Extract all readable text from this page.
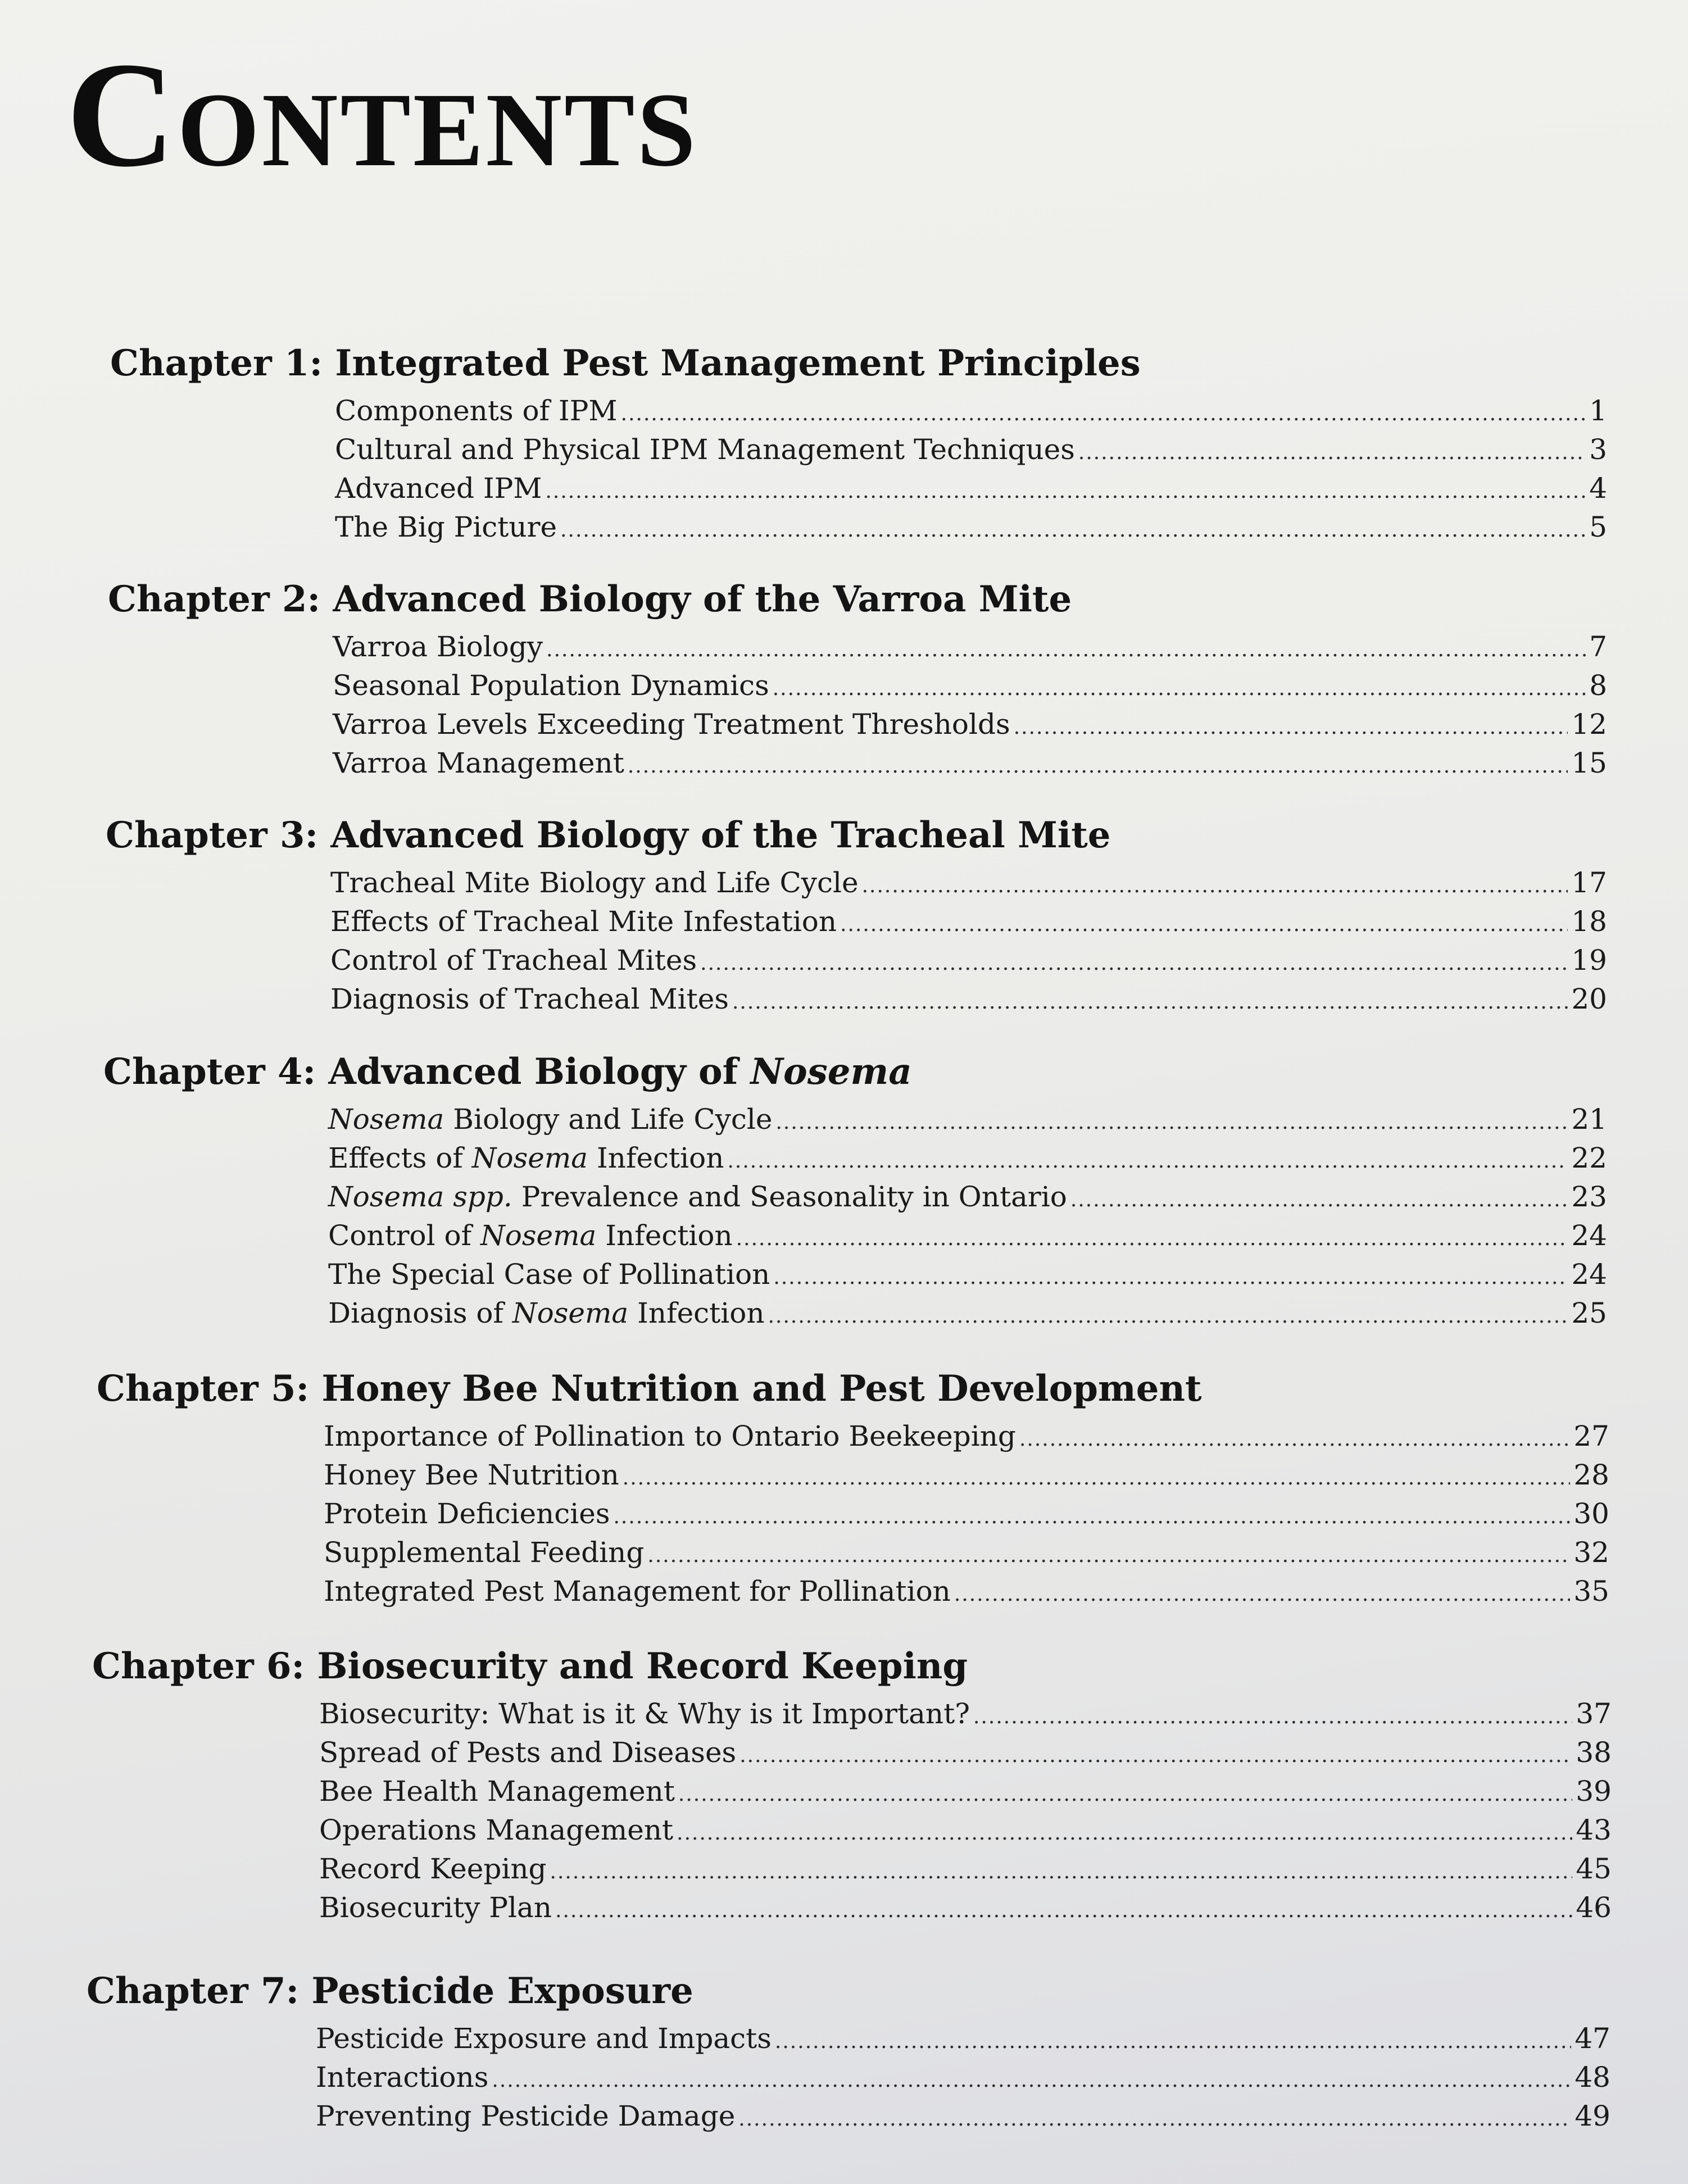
Contents
Chapter 1: Integrated Pest Management Principles
Components of IPM .....	1
Cultural and Physical IPM Management Techniques .....	3
Advanced IPM .....	4
The Big Picture .....	5
Chapter 2: Advanced Biology of the Varroa Mite
Varroa Biology .....	7
Seasonal Population Dynamics .....	8
Varroa Levels Exceeding Treatment Thresholds .....	12
Varroa Management .....	15
Chapter 3: Advanced Biology of the Tracheal Mite
Tracheal Mite Biology and Life Cycle .....	17
Effects of Tracheal Mite Infestation .....	18
Control of Tracheal Mites .....	19
Diagnosis of Tracheal Mites .....	20
Chapter 4: Advanced Biology of Nosema
Nosema Biology and Life Cycle .....	21
Effects of Nosema Infection .....	22
Nosema spp. Prevalence and Seasonality in Ontario .....	23
Control of Nosema Infection .....	24
The Special Case of Pollination .....	24
Diagnosis of Nosema Infection .....	25
Chapter 5: Honey Bee Nutrition and Pest Development
Importance of Pollination to Ontario Beekeeping .....	27
Honey Bee Nutrition .....	28
Protein Deficiencies .....	30
Supplemental Feeding .....	32
Integrated Pest Management for Pollination .....	35
Chapter 6: Biosecurity and Record Keeping
Biosecurity: What is it & Why is it Important? .....	37
Spread of Pests and Diseases .....	38
Bee Health Management .....	39
Operations Management .....	43
Record Keeping .....	45
Biosecurity Plan .....	46
Chapter 7: Pesticide Exposure
Pesticide Exposure and Impacts .....	47
Interactions .....	48
Preventing Pesticide Damage .....	49
